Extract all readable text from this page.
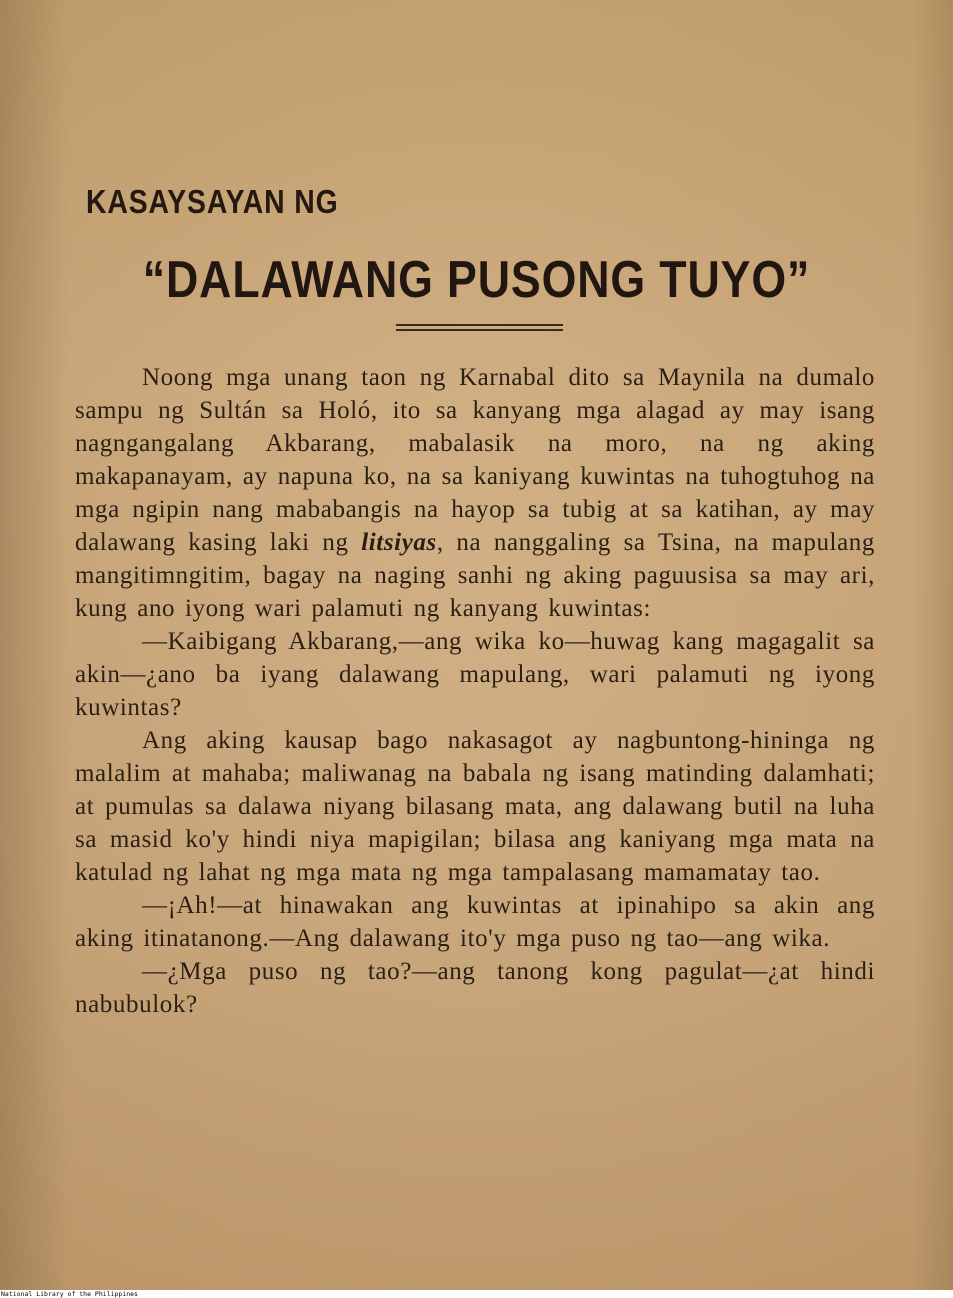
KASAYSAYAN NG
“DALAWANG PUSONG TUYO”

Noong mga unang taon ng Karnabal dito sa Maynila na dumalo sampu ng Sultán sa Holó, ito sa kanyang mga alagad ay may isang nagngangalang Akbarang, mabalasik na moro, na ng aking makapanayam, ay napuna ko, na sa kaniyang kuwintas na tuhogtuhog na mga ngipin nang mababangis na hayop sa tubig at sa katihan, ay may dalawang kasing laki ng litsiyas, na nanggaling sa Tsina, na mapulang mangitimngitim, bagay na naging sanhi ng aking paguusisa sa may ari, kung ano iyong wari palamuti ng kanyang kuwintas:

—Kaibigang Akbarang,—ang wika ko—huwag kang magagalit sa akin—¿ano ba iyang dalawang mapulang, wari palamuti ng iyong kuwintas?

Ang aking kausap bago nakasagot ay nagbuntong-hininga ng malalim at mahaba; maliwanag na babala ng isang matinding dalamhati; at pumulas sa dalawa niyang bilasang mata, ang dalawang butil na luha sa masid ko'y hindi niya mapigilan; bilasa ang kaniyang mga mata na katulad ng lahat ng mga mata ng mga tampalasang mamamatay tao.

—¡Ah!—at hinawakan ang kuwintas at ipinahipo sa akin ang aking itinatanong.—Ang dalawang ito'y mga puso ng tao—ang wika.

—¿Mga puso ng tao?—ang tanong kong pagulat—¿at hindi nabubulok?

National Library of the Philippines
